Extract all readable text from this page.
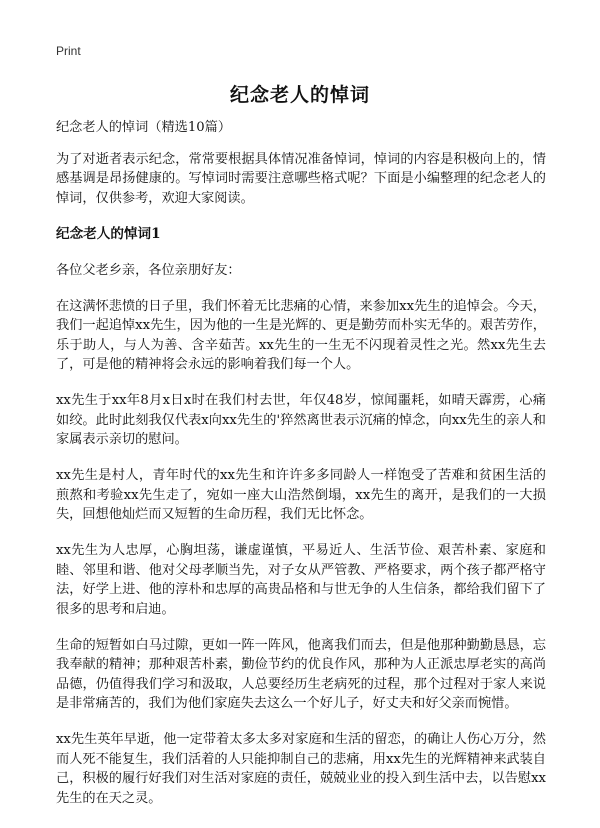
Print
纪念老人的悼词

纪念老人的悼词（精选10篇）

为了对逝者表示纪念，常常要根据具体情况准备悼词，悼词的内容是积极向上的，情感基调是昂扬健康的。写悼词时需要注意哪些格式呢？下面是小编整理的纪念老人的悼词，仅供参考，欢迎大家阅读。

纪念老人的悼词1

各位父老乡亲，各位亲朋好友：

在这满怀悲愤的日子里，我们怀着无比悲痛的心情，来参加xx先生的追悼会。今天，我们一起追悼xx先生，因为他的一生是光辉的、更是勤劳而朴实无华的。艰苦劳作，乐于助人，与人为善、含辛茹苦。xx先生的一生无不闪现着灵性之光。然xx先生去了，可是他的精神将会永远的影响着我们每一个人。

xx先生于xx年8月x日x时在我们村去世，年仅48岁，惊闻噩耗，如晴天霹雳，心痛如绞。此时此刻我仅代表x向xx先生的'猝然离世表示沉痛的悼念，向xx先生的亲人和家属表示亲切的慰问。

xx先生是村人，青年时代的xx先生和许许多多同龄人一样饱受了苦难和贫困生活的煎熬和考验xx先生走了，宛如一座大山浩然倒塌，xx先生的离开，是我们的一大损失，回想他灿烂而又短暂的生命历程，我们无比怀念。

xx先生为人忠厚，心胸坦荡，谦虚谨慎，平易近人、生活节俭、艰苦朴素、家庭和睦、邻里和谐、他对父母孝顺当先，对子女从严管教、严格要求，两个孩子都严格守法，好学上进、他的淳朴和忠厚的高贵品格和与世无争的人生信条，都给我们留下了很多的思考和启迪。

生命的短暂如白马过隙，更如一阵一阵风，他离我们而去，但是他那种勤勤恳恳，忘我奉献的精神；那种艰苦朴素，勤俭节约的优良作风，那种为人正派忠厚老实的高尚品德，仍值得我们学习和汲取，人总要经历生老病死的过程，那个过程对于家人来说是非常痛苦的，我们为他们家庭失去这么一个好儿子，好丈夫和好父亲而惋惜。

xx先生英年早逝，他一定带着太多太多对家庭和生活的留恋，的确让人伤心万分，然而人死不能复生，我们活着的人只能抑制自己的悲痛，用xx先生的光辉精神来武装自己，积极的履行好我们对生活对家庭的责任，兢兢业业的投入到生活中去，以告慰xx先生的在天之灵。
